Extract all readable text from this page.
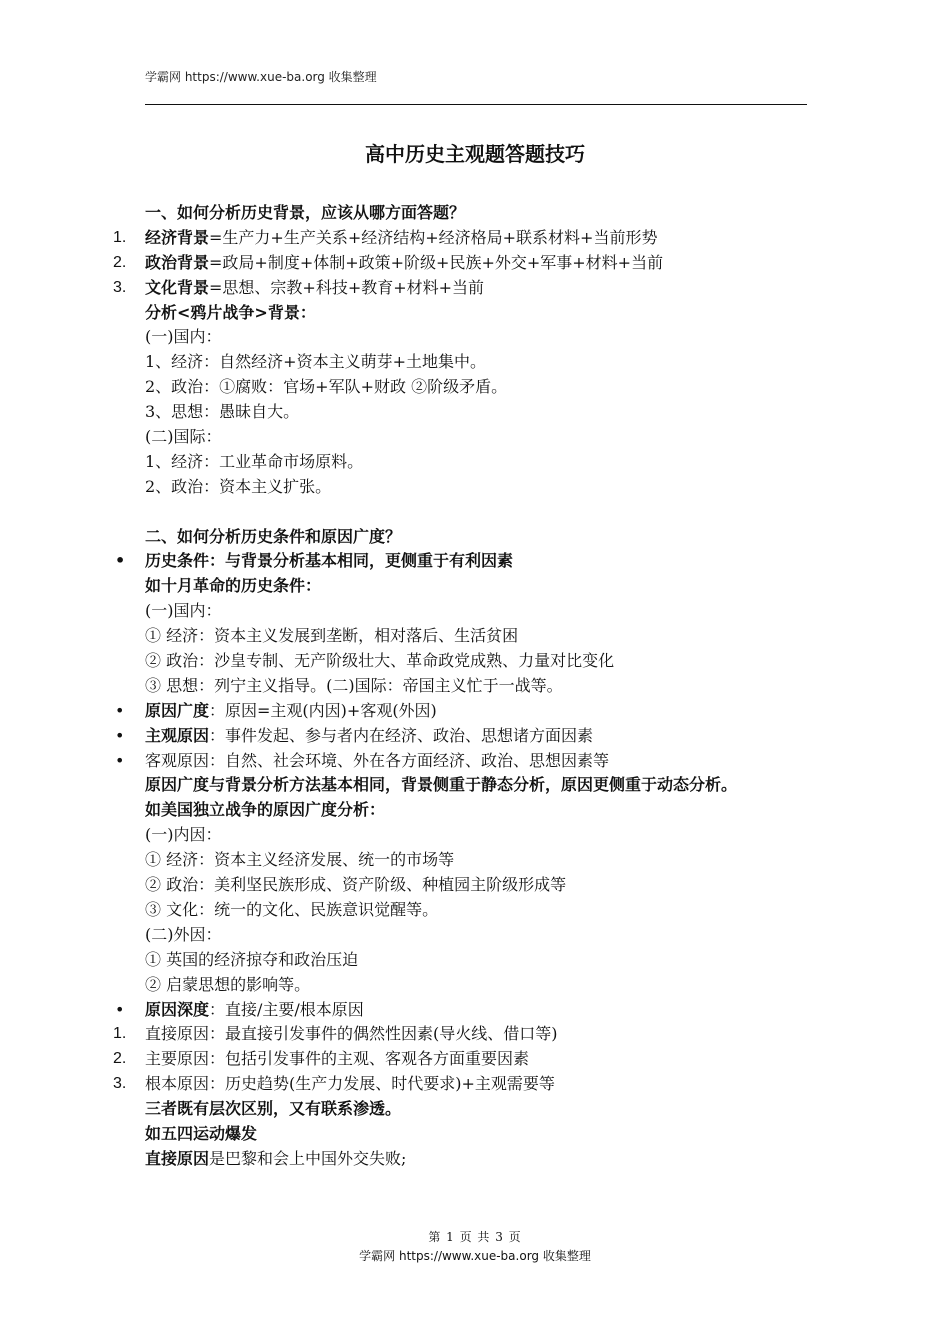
学霸网 https://www.xue-ba.org 收集整理
高中历史主观题答题技巧
一、如何分析历史背景，应该从哪方面答题？
1.	经济背景=生产力+生产关系+经济结构+经济格局+联系材料+当前形势
2.	政治背景=政局+制度+体制+政策+阶级+民族+外交+军事+材料+当前
3.	文化背景=思想、宗教+科技+教育+材料+当前
分析<鸦片战争>背景：
(一)国内：
1、经济：自然经济+资本主义萌芽+土地集中。
2、政治：①腐败：官场+军队+财政 ②阶级矛盾。
3、思想：愚昧自大。
(二)国际：
1、经济：工业革命市场原料。
2、政治：资本主义扩张。
二、如何分析历史条件和原因广度？
• 历史条件：与背景分析基本相同，更侧重于有利因素
如十月革命的历史条件：
(一)国内：
① 经济：资本主义发展到垄断，相对落后、生活贫困
② 政治：沙皇专制、无产阶级壮大、革命政党成熟、力量对比变化
③ 思想：列宁主义指导。(二)国际：帝国主义忙于一战等。
• 原因广度：原因=主观(内因)+客观(外因)
• 主观原因：事件发起、参与者内在经济、政治、思想诸方面因素
• 客观原因：自然、社会环境、外在各方面经济、政治、思想因素等
原因广度与背景分析方法基本相同，背景侧重于静态分析，原因更侧重于动态分析。
如美国独立战争的原因广度分析：
(一)内因：
① 经济：资本主义经济发展、统一的市场等
② 政治：美利坚民族形成、资产阶级、种植园主阶级形成等
③ 文化：统一的文化、民族意识觉醒等。
(二)外因：
① 英国的经济掠夺和政治压迫
② 启蒙思想的影响等。
• 原因深度：直接/主要/根本原因
1.	直接原因：最直接引发事件的偶然性因素(导火线、借口等)
2.	主要原因：包括引发事件的主观、客观各方面重要因素
3.	根本原因：历史趋势(生产力发展、时代要求)+主观需要等
三者既有层次区别，又有联系渗透。
如五四运动爆发
直接原因是巴黎和会上中国外交失败;
第 1 页 共 3 页
学霸网 https://www.xue-ba.org 收集整理
